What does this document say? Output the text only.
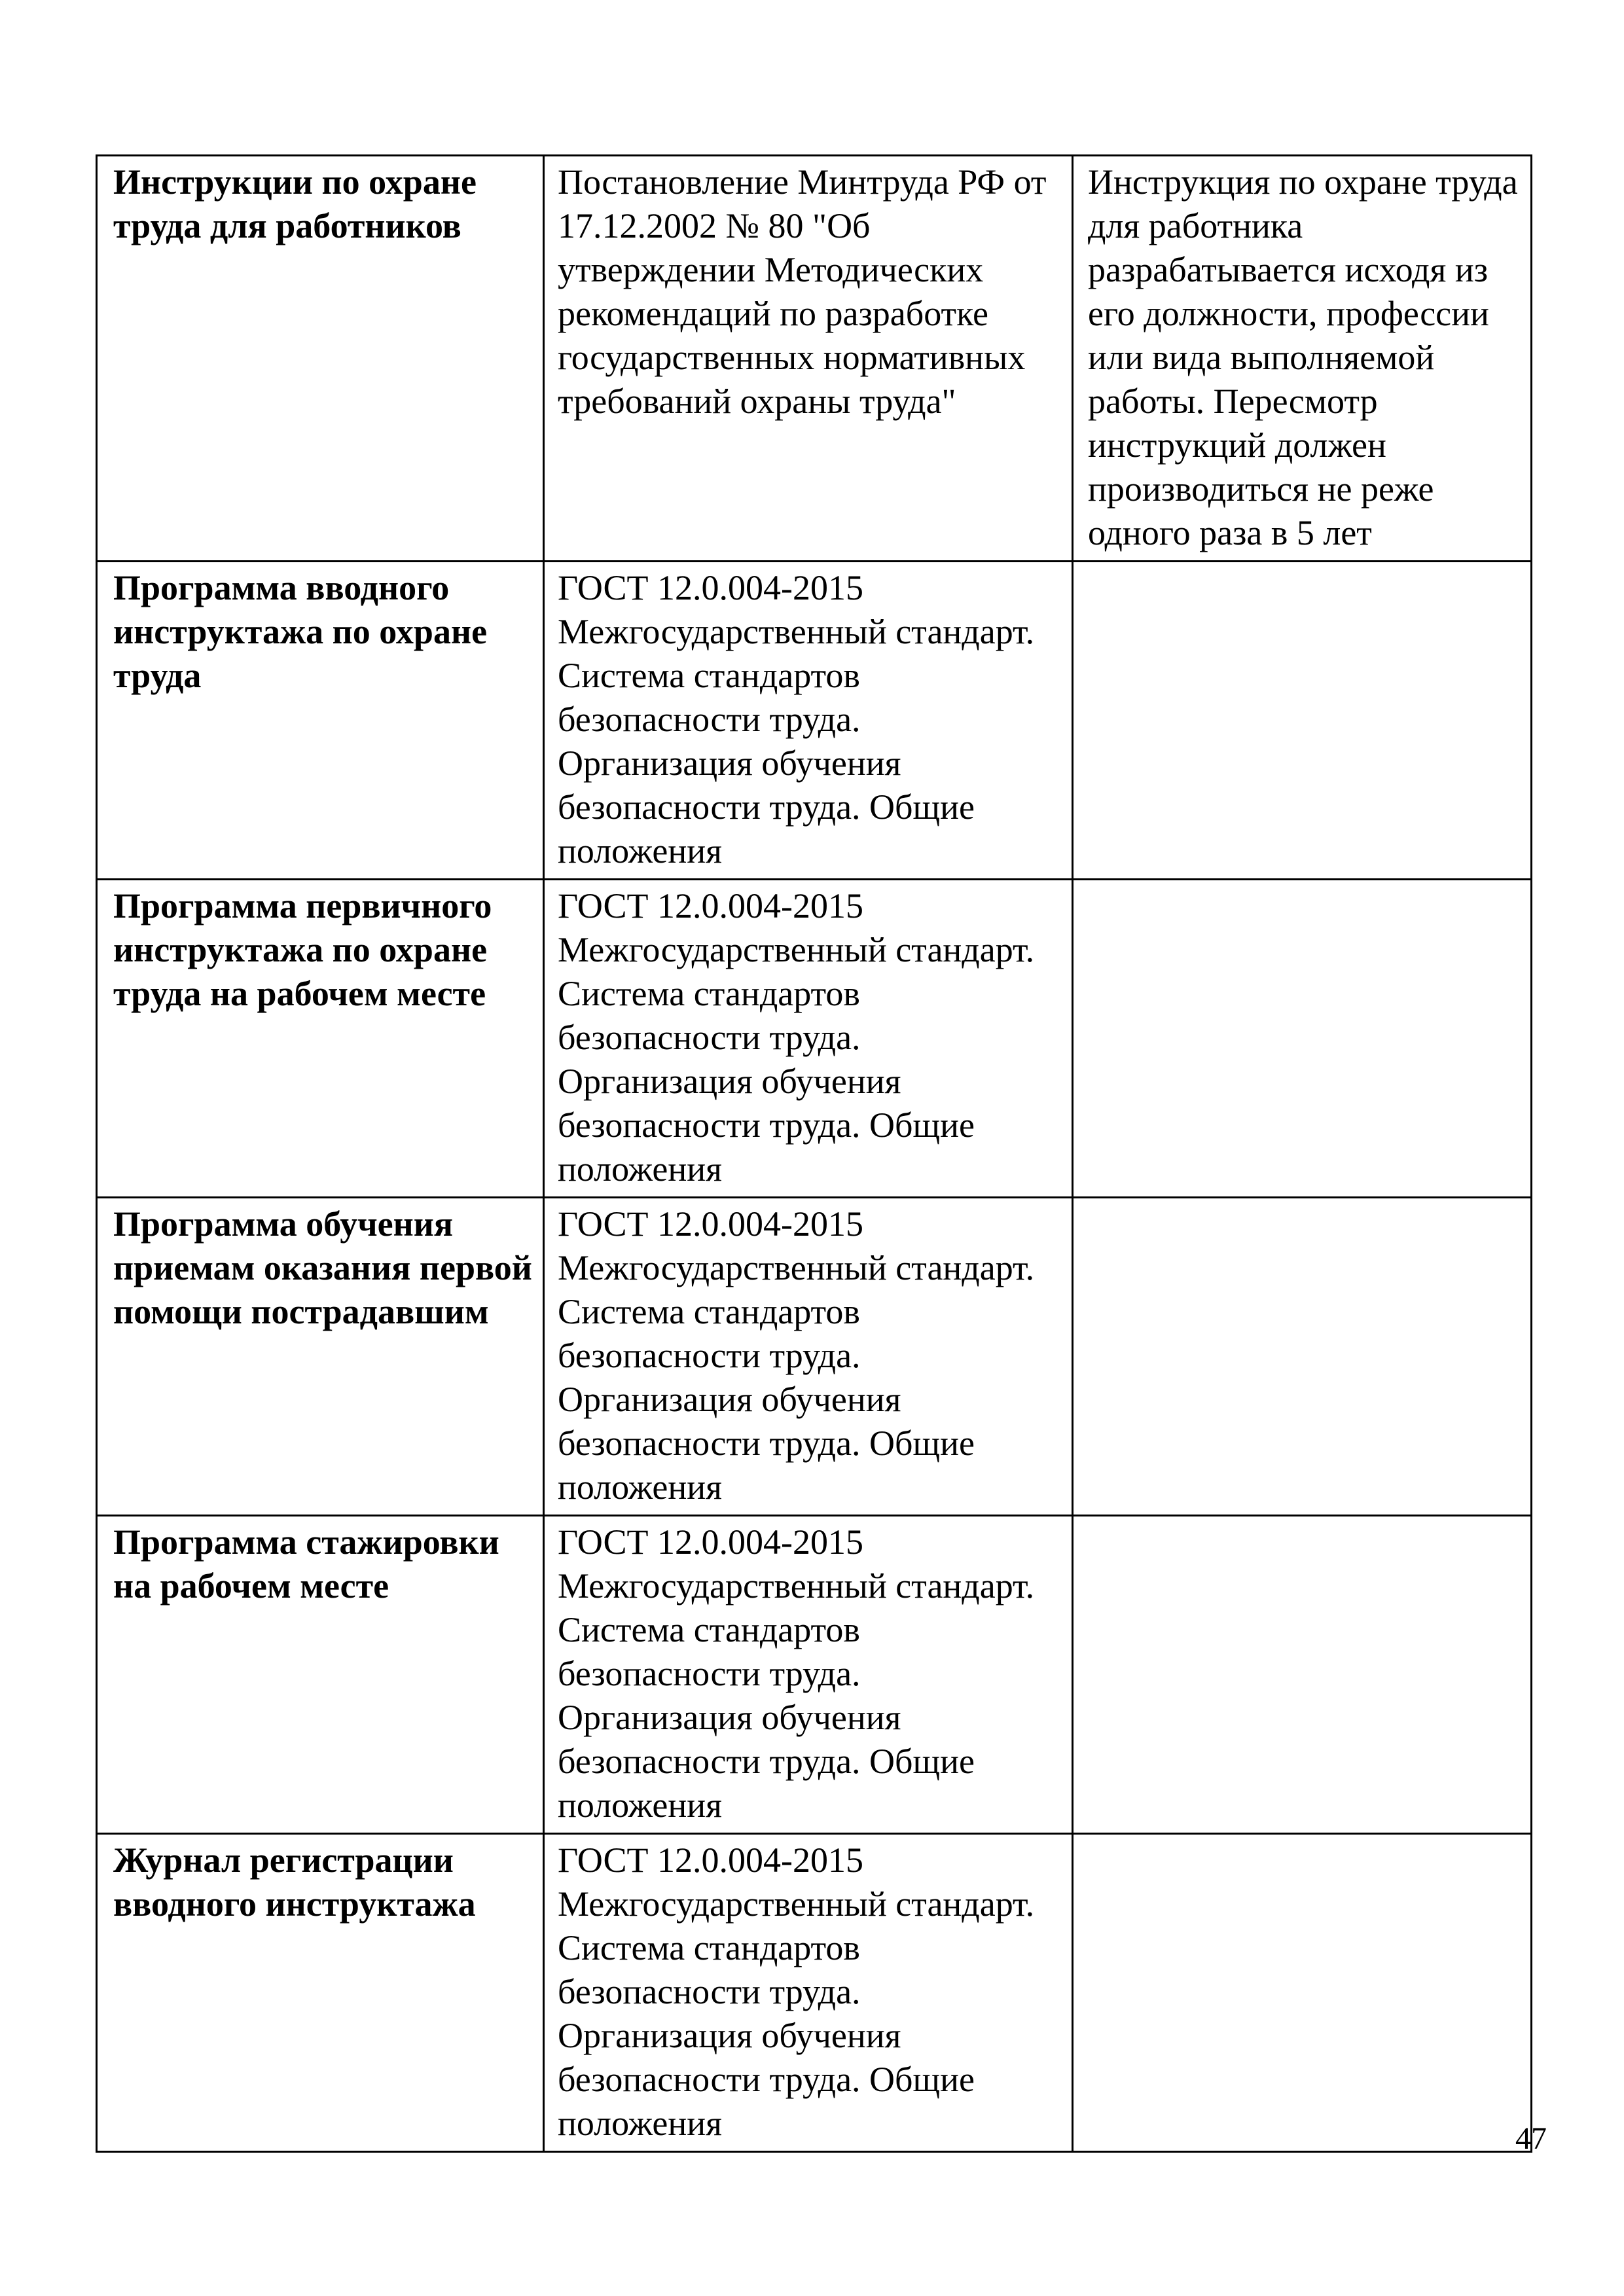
Инструкции по охране труда для работников	Постановление Минтруда РФ от 17.12.2002 № 80 "Об утверждении Методических рекомендаций по разработке государственных нормативных требований охраны труда"	Инструкция по охране труда для работника разрабатывается исходя из его должности, профессии или вида выполняемой работы. Пересмотр инструкций должен производиться не реже одного раза в 5 лет

Программа вводного инструктажа по охране труда	ГОСТ 12.0.004-2015 Межгосударственный стандарт. Система стандартов безопасности труда. Организация обучения безопасности труда. Общие положения	

Программа первичного инструктажа по охране труда на рабочем месте	ГОСТ 12.0.004-2015 Межгосударственный стандарт. Система стандартов безопасности труда. Организация обучения безопасности труда. Общие положения	

Программа обучения приемам оказания первой помощи пострадавшим	ГОСТ 12.0.004-2015 Межгосударственный стандарт. Система стандартов безопасности труда. Организация обучения безопасности труда. Общие положения	

Программа стажировки на рабочем месте	ГОСТ 12.0.004-2015 Межгосударственный стандарт. Система стандартов безопасности труда. Организация обучения безопасности труда. Общие положения	

Журнал регистрации вводного инструктажа	ГОСТ 12.0.004-2015 Межгосударственный стандарт. Система стандартов безопасности труда. Организация обучения безопасности труда. Общие положения	
		47
